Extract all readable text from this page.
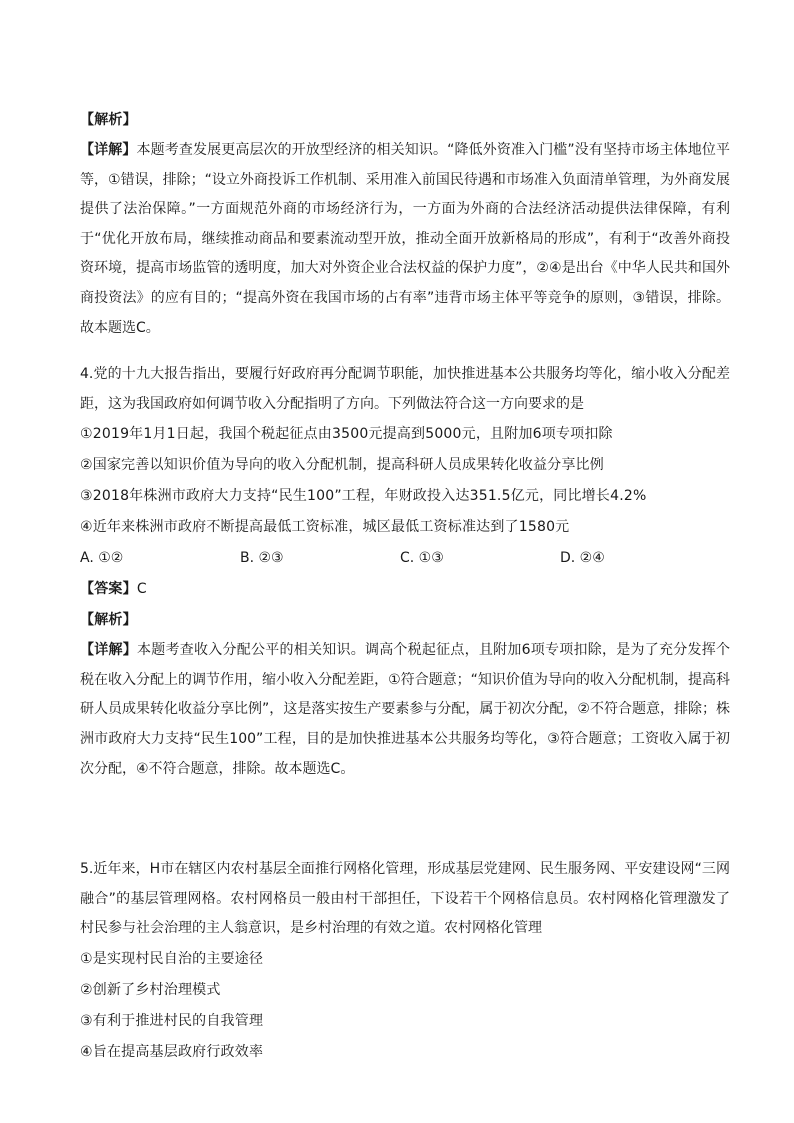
【解析】

【详解】本题考查发展更高层次的开放型经济的相关知识。“降低外资准入门槛”没有坚持市场主体地位平等，①错误，排除；“设立外商投诉工作机制、采用准入前国民待遇和市场准入负面清单管理，为外商发展提供了法治保障。”一方面规范外商的市场经济行为，一方面为外商的合法经济活动提供法律保障，有利于“优化开放布局，继续推动商品和要素流动型开放，推动全面开放新格局的形成”，有利于“改善外商投资环境，提高市场监管的透明度，加大对外资企业合法权益的保护力度”，②④是出台《中华人民共和国外商投资法》的应有目的；“提高外资在我国市场的占有率”违背市场主体平等竞争的原则，③错误，排除。故本题选C。

4.党的十九大报告指出，要履行好政府再分配调节职能，加快推进基本公共服务均等化，缩小收入分配差距，这为我国政府如何调节收入分配指明了方向。下列做法符合这一方向要求的是

①2019年1月1日起，我国个税起征点由3500元提高到5000元，且附加6项专项扣除
②国家完善以知识价值为导向的收入分配机制，提高科研人员成果转化收益分享比例
③2018年株洲市政府大力支持“民生100”工程，年财政投入达351.5亿元，同比增长4.2%
④近年来株洲市政府不断提高最低工资标准，城区最低工资标准达到了1580元
A. ①②	B. ②③	C. ①③	D. ②④
【答案】C
【解析】

【详解】本题考查收入分配公平的相关知识。调高个税起征点，且附加6项专项扣除，是为了充分发挥个税在收入分配上的调节作用，缩小收入分配差距，①符合题意；“知识价值为导向的收入分配机制，提高科研人员成果转化收益分享比例”，这是落实按生产要素参与分配，属于初次分配，②不符合题意，排除；株洲市政府大力支持“民生100”工程，目的是加快推进基本公共服务均等化，③符合题意；工资收入属于初次分配，④不符合题意，排除。故本题选C。

5.近年来，H市在辖区内农村基层全面推行网格化管理，形成基层党建网、民生服务网、平安建设网“三网融合”的基层管理网格。农村网格员一般由村干部担任，下设若干个网格信息员。农村网格化管理激发了村民参与社会治理的主人翁意识，是乡村治理的有效之道。农村网格化管理

①是实现村民自治的主要途径
②创新了乡村治理模式
③有利于推进村民的自我管理
④旨在提高基层政府行政效率
